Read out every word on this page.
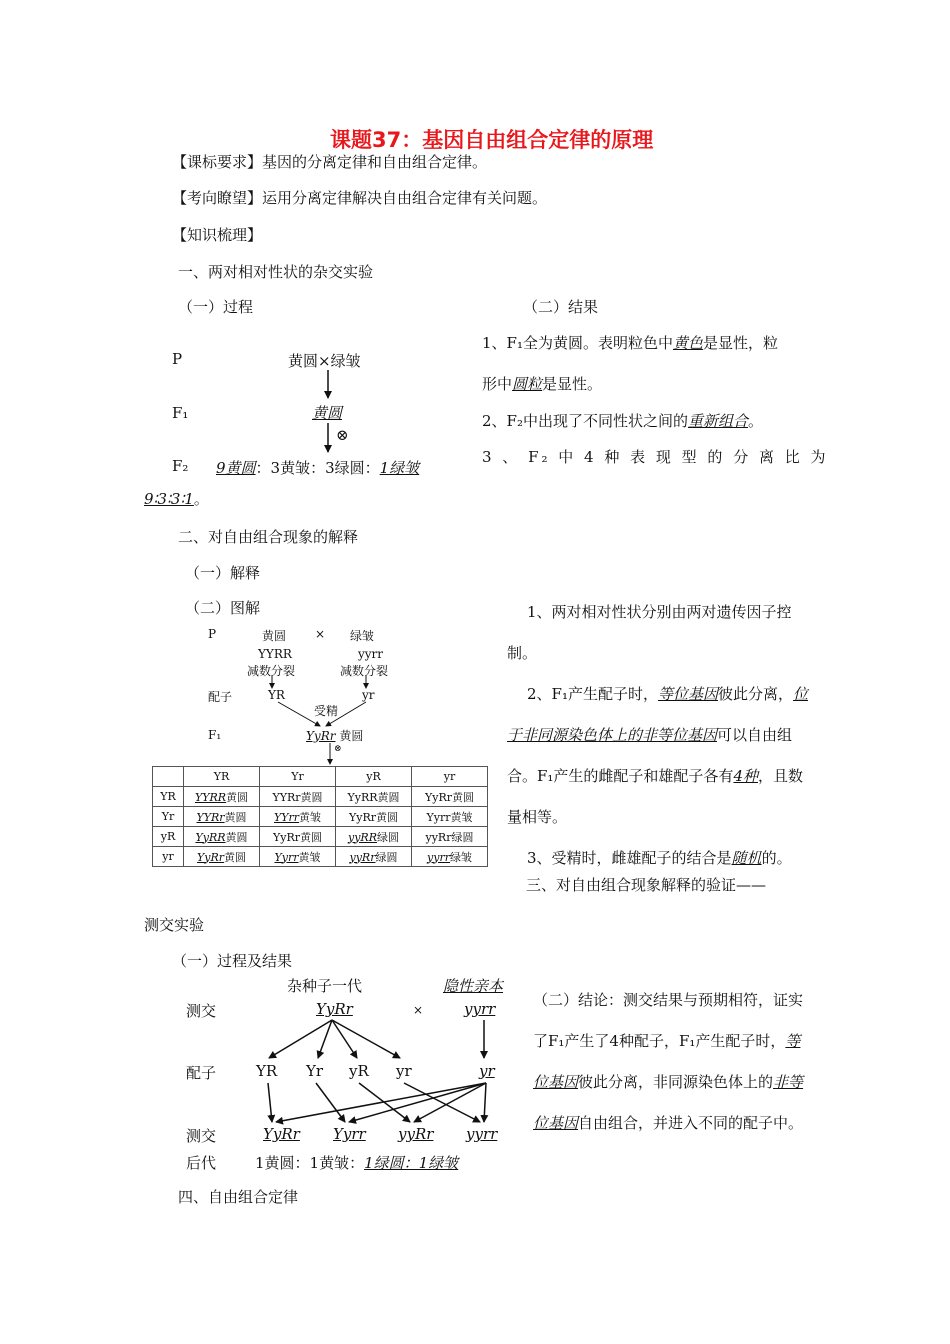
课题37：基因自由组合定律的原理
【课标要求】基因的分离定律和自由组合定律。
【考向瞭望】运用分离定律解决自由组合定律有关问题。
【知识梳理】
一、两对相对性状的杂交实验
（一）过程	（二）结果
P	黄圆×绿皱
F₁	黄圆
⊗
F₂ 9黄圆：3黄皱：3绿圆：1绿皱
9∶3∶3∶1。
1、F₁全为黄圆。表明粒色中黄色是显性，粒
形中圆粒是显性。
2、F₂中出现了不同性状之间的重新组合。
3 、 F₂ 中 4 种 表 现 型 的 分 离 比 为
二、对自由组合现象的解释
（一）解释
（二）图解
P	黄圆 × 绿皱
YYRR	yyrr
减数分裂	减数分裂
配子	YR	yr
受精
F₁	YyRr 黄圆
⊗
	YR	Yr	yR	yr
YR	YYRR黄圆	YYRr黄圆	YyRR黄圆	YyRr黄圆
Yr	YYRr黄圆	YYrr黄皱	YyRr黄圆	Yyrr黄皱
yR	YyRR黄圆	YyRr黄圆	yyRR绿圆	yyRr绿圆
yr	YyRr黄圆	Yyrr黄皱	yyRr绿圆	yyrr绿皱
1、两对相对性状分别由两对遗传因子控制。
2、F₁产生配子时，等位基因彼此分离，位于非同源染色体上的非等位基因可以自由组合。F₁产生的雌配子和雄配子各有4种，且数量相等。
3、受精时，雌雄配子的结合是随机的。
三、对自由组合现象解释的验证——
测交实验
（一）过程及结果
杂种子一代	隐性亲本
测交	YyRr	×	yyrr
配子	YR Yr yR yr	yr
测交
后代
YyRr Yyrr yyRr yyrr
1黄圆：1黄皱：1绿圆：1绿皱
（二）结论：测交结果与预期相符，证实了F₁产生了4种配子，F₁产生配子时，等位基因彼此分离，非同源染色体上的非等位基因自由组合，并进入不同的配子中。
四、自由组合定律
